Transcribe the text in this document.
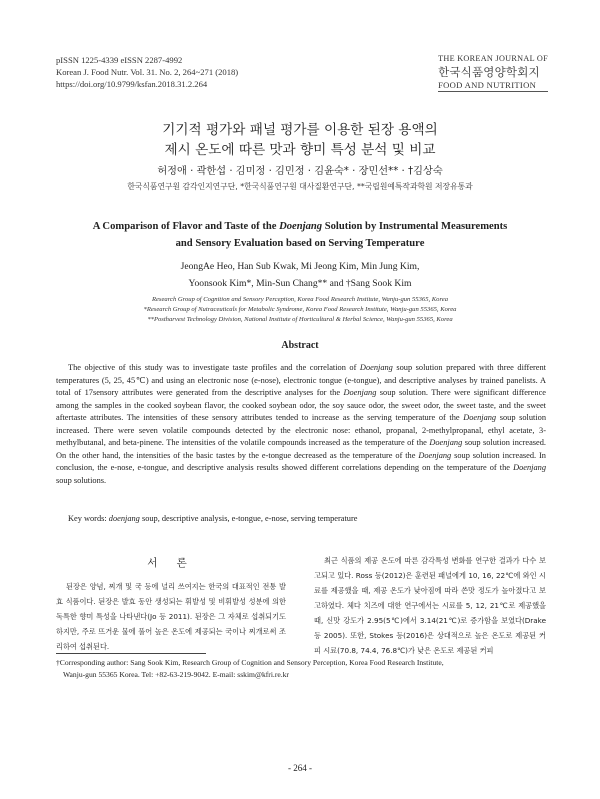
pISSN 1225-4339 eISSN 2287-4992
Korean J. Food Nutr. Vol. 31. No. 2, 264~271 (2018)
https://doi.org/10.9799/ksfan.2018.31.2.264
THE KOREAN JOURNAL OF
한국식품영양학회지
FOOD AND NUTRITION
기기적 평가와 패널 평가를 이용한 된장 용액의
제시 온도에 따른 맛과 향미 특성 분석 및 비교
허정애 · 곽한섭 · 김미정 · 김민정 · 김윤숙* · 장민선** · †김상숙
한국식품연구원 감각인지연구단, *한국식품연구원 대사질환연구단, **국립원예특작과학원 저장유통과
A Comparison of Flavor and Taste of the Doenjang Solution by Instrumental Measurements
and Sensory Evaluation based on Serving Temperature
JeongAe Heo, Han Sub Kwak, Mi Jeong Kim, Min Jung Kim,
Yoonsook Kim*, Min-Sun Chang** and †Sang Sook Kim
Research Group of Cognition and Sensory Perception, Korea Food Research Institute, Wanju-gun 55365, Korea
*Research Group of Nutraceuticals for Metabolic Syndrome, Korea Food Research Institute, Wanju-gun 55365, Korea
**Postharvest Technology Division, National Institute of Horticultural & Herbal Science, Wanju-gun 55365, Korea
Abstract
The objective of this study was to investigate taste profiles and the correlation of Doenjang soup solution prepared with three different temperatures (5, 25, 45℃) and using an electronic nose (e-nose), electronic tongue (e-tongue), and descriptive analyses by trained panelists. A total of 17sensory attributes were generated from the descriptive analyses for the Doenjang soup solution. There were significant difference among the samples in the cooked soybean flavor, the cooked soybean odor, the soy sauce odor, the sweet odor, the sweet taste, and the sweet aftertaste attributes. The intensities of these sensory attributes tended to increase as the serving temperature of the Doenjang soup solution increased. There were seven volatile compounds detected by the electronic nose: ethanol, propanal, 2-methylpropanal, ethyl acetate, 3-methylbutanal, and beta-pinene. The intensities of the volatile compounds increased as the temperature of the Doenjang soup solution increased. On the other hand, the intensities of the basic tastes by the e-tongue decreased as the temperature of the Doenjang soup solution increased. In conclusion, the e-nose, e-tongue, and descriptive analysis results showed different correlations depending on the temperature of the Doenjang soup solutions.
Key words: doenjang soup, descriptive analysis, e-tongue, e-nose, serving temperature
서 론
된장은 양념, 찌개 및 국 등에 널리 쓰여지는 한국의 대표적인 전통 발효 식품이다. 된장은 발효 동안 생성되는 휘발성 및 비휘발성 성분에 의한 독특한 향미 특성을 나타낸다(Jo 등 2011). 된장은 그 자체로 섭취되기도 하지만, 주로 뜨거운 물에 풀어 높은 온도에 제공되는 국이나 찌개로써 조리하여 섭취된다.
최근 식품의 제공 온도에 따른 감각특성 변화를 연구한 결과가 다수 보고되고 있다. Ross 등(2012)은 훈련된 패널에게 10, 16, 22℃에 와인 시료를 제공했을 때, 제공 온도가 낮아짐에 따라 쓴맛 정도가 높아졌다고 보고하였다. 체다 치즈에 대한 연구에서는 시료를 5, 12, 21℃로 제공했을 때, 신맛 강도가 2.95(5℃)에서 3.14(21℃)로 증가함을 보였다(Drake 등 2005). 또한, Stokes 등(2016)은 상대적으로 높은 온도로 제공된 커피 시료(70.8, 74.4, 76.8℃)가 낮은 온도로 제공된 커피
†Corresponding author: Sang Sook Kim, Research Group of Cognition and Sensory Perception, Korea Food Research Institute,
Wanju-gun 55365 Korea. Tel: +82-63-219-9042. E-mail: sskim@kfri.re.kr
- 264 -
